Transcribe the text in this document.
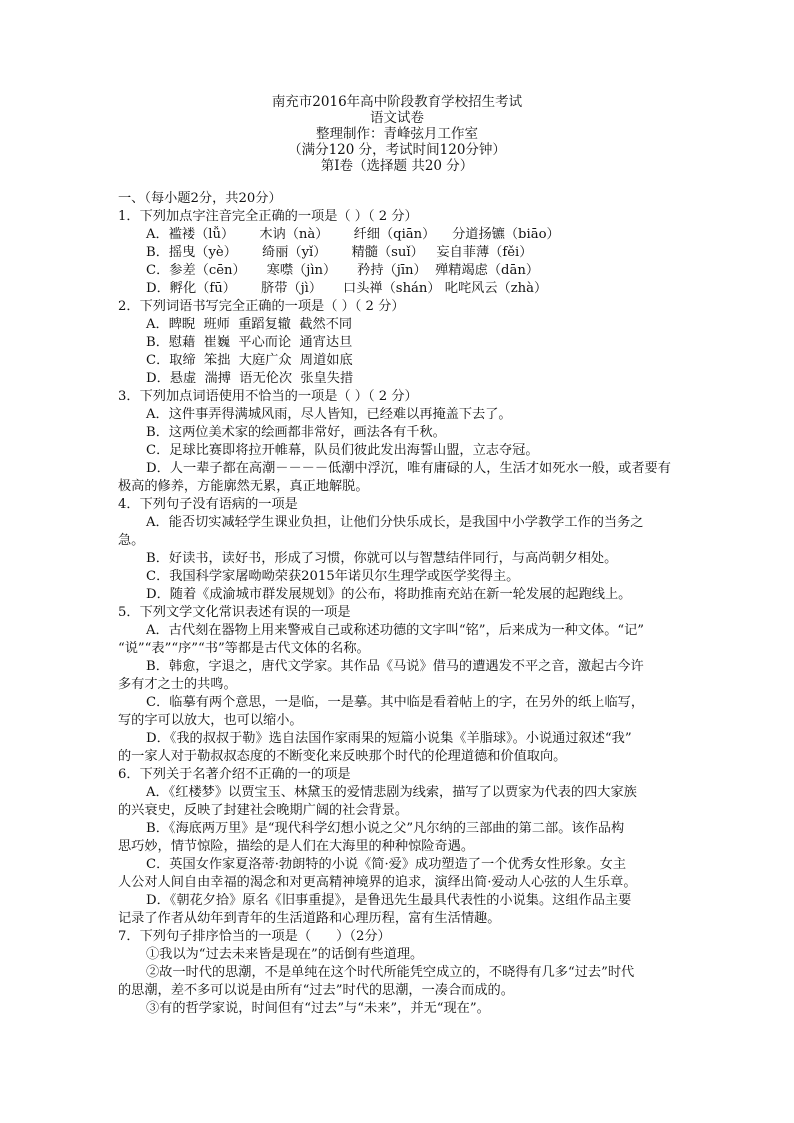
南充市2016年高中阶段教育学校招生考试
语文试卷
整理制作：青峰弦月工作室
（满分120 分，考试时间120分钟）
第Ⅰ卷（选择题 共20 分）
一、（每小题2分，共20分）
1．下列加点字注音完全正确的一项是（ ）（ 2 分）
A．褴褛（lǚ）      木讷（nà）      纤细（qiān）    分道扬镳（biāo）
B．摇曳（yè）      绮丽（yǐ）      精髓（suǐ）   妄自菲薄（fěi）
C．参差（cēn）     寒噤（jìn）     矜持（jīn）  殚精竭虑（dān）
D．孵化（fū）      脐带（jì）     口头禅（shán） 叱咤风云（zhà）
2．下列词语书写完全正确的一项是（ ）（ 2 分）
A．睥睨  班师  重蹈复辙  截然不同
B．慰藉  崔巍  平心而论  通宵达旦
C．取缔  笨拙  大庭广众  周道如底
D．悬虚  湍搏  语无伦次  张皇失措
3．下列加点词语使用不恰当的一项是（ ）（ 2 分）
A．这件事弄得满城风雨，尽人皆知，已经难以再掩盖下去了。
B．这两位美术家的绘画都非常好，画法各有千秋。
C．足球比赛即将拉开帷幕，队员们彼此发出海誓山盟，立志夺冠。
D．人一辈子都在高潮－－－－低潮中浮沉，唯有庸碌的人，生活才如死水一般，或者要有
极高的修养，方能廓然无累，真正地解脱。
4．下列句子没有语病的一项是
A．能否切实减轻学生课业负担，让他们分快乐成长，是我国中小学教学工作的当务之
急。
B．好读书，读好书，形成了习惯，你就可以与智慧结伴同行，与高尚朝夕相处。
C．我国科学家屠呦呦荣获2015年诺贝尔生理学或医学奖得主。
D．随着《成渝城市群发展规划》的公布，将助推南充站在新一轮发展的起跑线上。
5．下列文学文化常识表述有误的一项是
A．古代刻在器物上用来警戒自己或称述功德的文字叫“铭”，后来成为一种文体。“记”
“说”“表”“序”“书”等都是古代文体的名称。
B．韩愈，字退之，唐代文学家。其作品《马说》借马的遭遇发不平之音，激起古今许
多有才之士的共鸣。
C．临摹有两个意思，一是临，一是摹。其中临是看着帖上的字，在另外的纸上临写，
写的字可以放大，也可以缩小。
D．《我的叔叔于勒》选自法国作家雨果的短篇小说集《羊脂球》。小说通过叙述“我”
的一家人对于勒叔叔态度的不断变化来反映那个时代的伦理道德和价值取向。
6．下列关于名著介绍不正确的一的项是
A．《红楼梦》以贾宝玉、林黛玉的爱情悲剧为线索，描写了以贾家为代表的四大家族
的兴衰史，反映了封建社会晚期广阔的社会背景。
B．《海底两万里》是“现代科学幻想小说之父”凡尔纳的三部曲的第二部。该作品构
思巧妙，情节惊险，描绘的是人们在大海里的种种惊险奇遇。
C．英国女作家夏洛蒂·勃朗特的小说《简·爱》成功塑造了一个优秀女性形象。女主
人公对人间自由幸福的渴念和对更高精神境界的追求，演绎出简·爱动人心弦的人生乐章。
D．《朝花夕拾》原名《旧事重提》，是鲁迅先生最具代表性的小说集。这组作品主要
记录了作者从幼年到青年的生活道路和心理历程，富有生活情趣。
7．下列句子排序恰当的一项是（      ）（2分）
①我以为“过去未来皆是现在”的话倒有些道理。
②故一时代的思潮，不是单纯在这个时代所能凭空成立的，不晓得有几多“过去”时代
的思潮，差不多可以说是由所有“过去”时代的思潮，一凑合而成的。
③有的哲学家说，时间但有“过去”与“未来”，并无“现在”。
